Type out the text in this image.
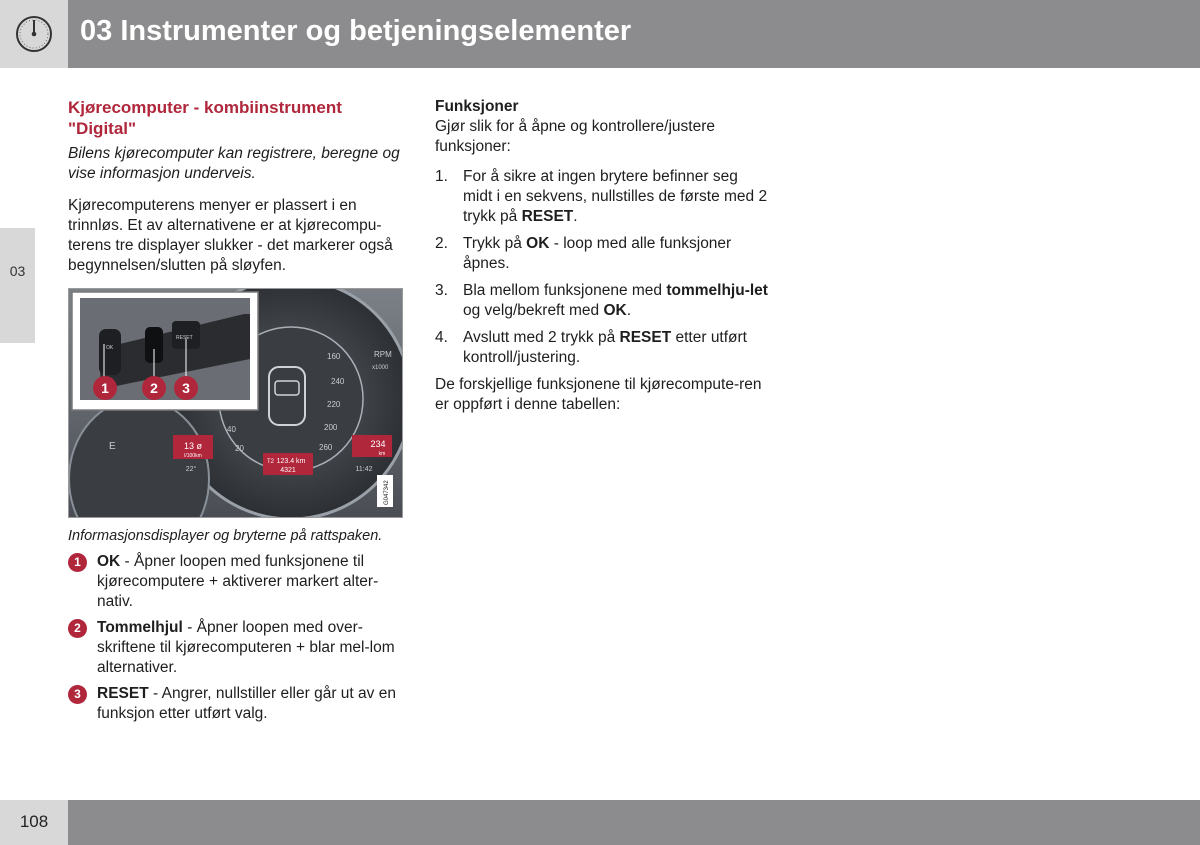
03 Instrumenter og betjeningselementer
03
108
Kjørecomputer - kombiinstrument "Digital"

Bilens kjørecomputer kan registrere, beregne og vise informasjon underveis.

Kjørecomputerens menyer er plassert i en trinnløs. Et av alternativene er at kjørecompu-terens tre displayer slukker - det markerer også begynnelsen/slutten på sløyfen.

RPM
x1000
240
220
200
260
160
40
20
E	13 ø
l/100km
22°
T2 123.4 km
4321
234
km
11:42
G047342
OK
RESET
1	2 3

Informasjonsdisplayer og bryterne på rattspaken.

1	OK - Åpner loopen med funksjonene til kjørecomputere + aktiverer markert alter-nativ.
2	Tommelhjul - Åpner loopen med over-skriftene til kjørecomputeren + blar mel-lom alternativer.
3	RESET - Angrer, nullstiller eller går ut av en funksjon etter utført valg.
Funksjoner

Gjør slik for å åpne og kontrollere/justere funksjoner:

1. For å sikre at ingen brytere befinner seg midt i en sekvens, nullstilles de første med 2 trykk på RESET.
2. Trykk på OK - loop med alle funksjoner åpnes.
3. Bla mellom funksjonene med tommelhju-let og velg/bekreft med OK.
4. Avslutt med 2 trykk på RESET etter utført kontroll/justering.

De forskjellige funksjonene til kjørecompute-ren er oppført i denne tabellen:
